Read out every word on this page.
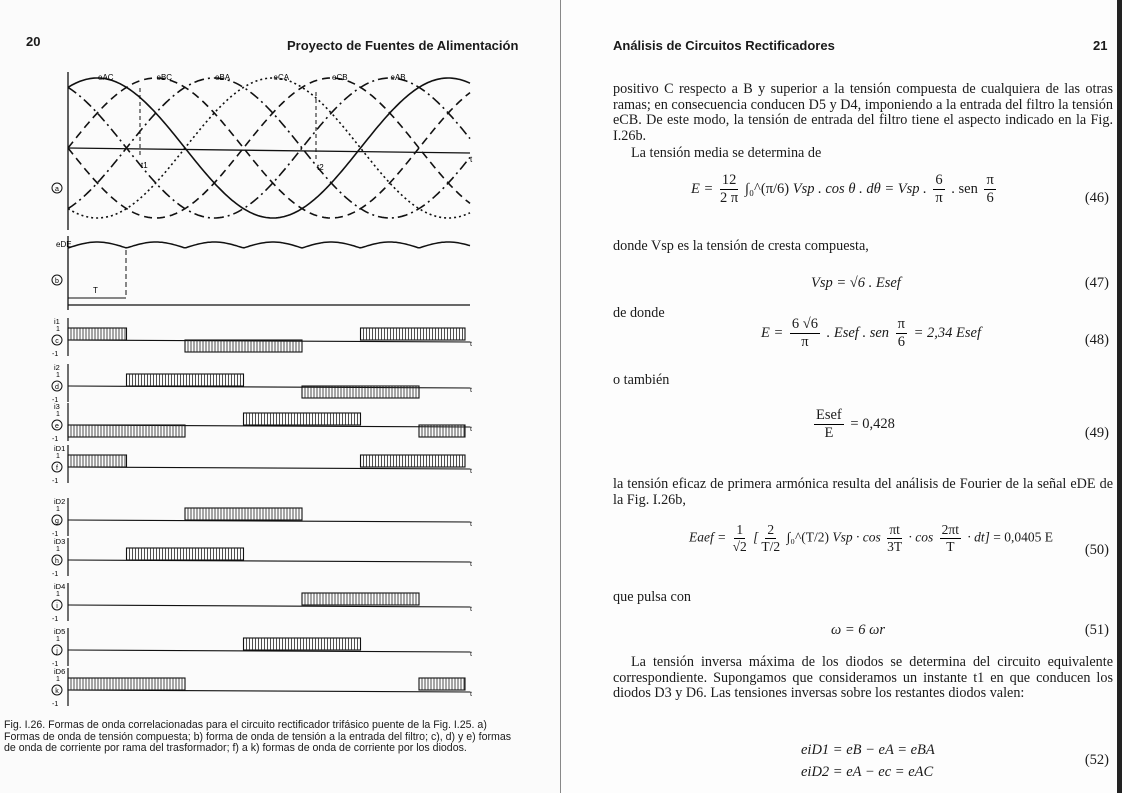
20	Proyecto de Fuentes de Alimentación
eAC	eBC	eBA	eCA	eCB	eAB
t1	t2
t
eDE
T
a
b
c
d
e
f
g
h
i
j
k
i1
1
-1
t
i2
1
-1
t
i3
1
-1
t
iD1
1
-1
t
iD2
1
-1
t
iD3
1
-1
t
iD4
1
-1
t
iD5
1
-1
t
iD6
1
-1
t
Fig. I.26. Formas de onda correlacionadas para el circuito rectificador trifásico puente de la Fig. I.25. a) Formas de onda de tensión compuesta; b) forma de onda de tensión a la entrada del filtro; c), d) y e) formas de onda de corriente por rama del trasformador; f) a k) formas de onda de corriente por los diodos.
Análisis de Circuitos Rectificadores	21
positivo C respecto a B y superior a la tensión compuesta de cualquiera de las otras ramas; en consecuencia conducen D5 y D4, imponiendo a la entrada del filtro la tensión eCB. De este modo, la tensión de entrada del filtro tiene el aspecto indicado en la Fig. I.26b.
La tensión media se determina de
$E = \frac{12}{2 \pi}$ ∫₀^(π/6) Vsp . cos θ . dθ = Vsp . $\frac{6}{\pi}$ . sen $\frac{\pi}{6}$	(46)
donde Vsp es la tensión de cresta compuesta,
Vsp = √6 . Esef	(47)
de donde
$E = \frac{6 √6}{\pi}$ . Esef . sen $\frac{\pi}{6} = 2,34$ Esef	(48)
o también
$\frac{\text{Esef}}{E} = 0,428$
(49)
la tensión eficaz de primera armónica resulta del análisis de Fourier de la señal eDE de la Fig. I.26b,
Eaef = $\frac{1}{√2}$ [ $\frac{2}{T/2}$ ∫₀^(T/2) Vsp · $\cos \frac{\pi t}{3T} \cdot \cos \frac{2\pi t}{T} \cdot dt] = 0,0405$ E
(50)
que pulsa con
ω = 6 ωr	(51)
La tensión inversa máxima de los diodos se determina del circuito equivalente correspondiente. Supongamos que consideramos un instante t1 en que conducen los diodos D3 y D6. Las tensiones inversas sobre los restantes diodos valen:
eiD1 = eB − eA = eBA
eiD2 = eA − ec = eAC
(52)
